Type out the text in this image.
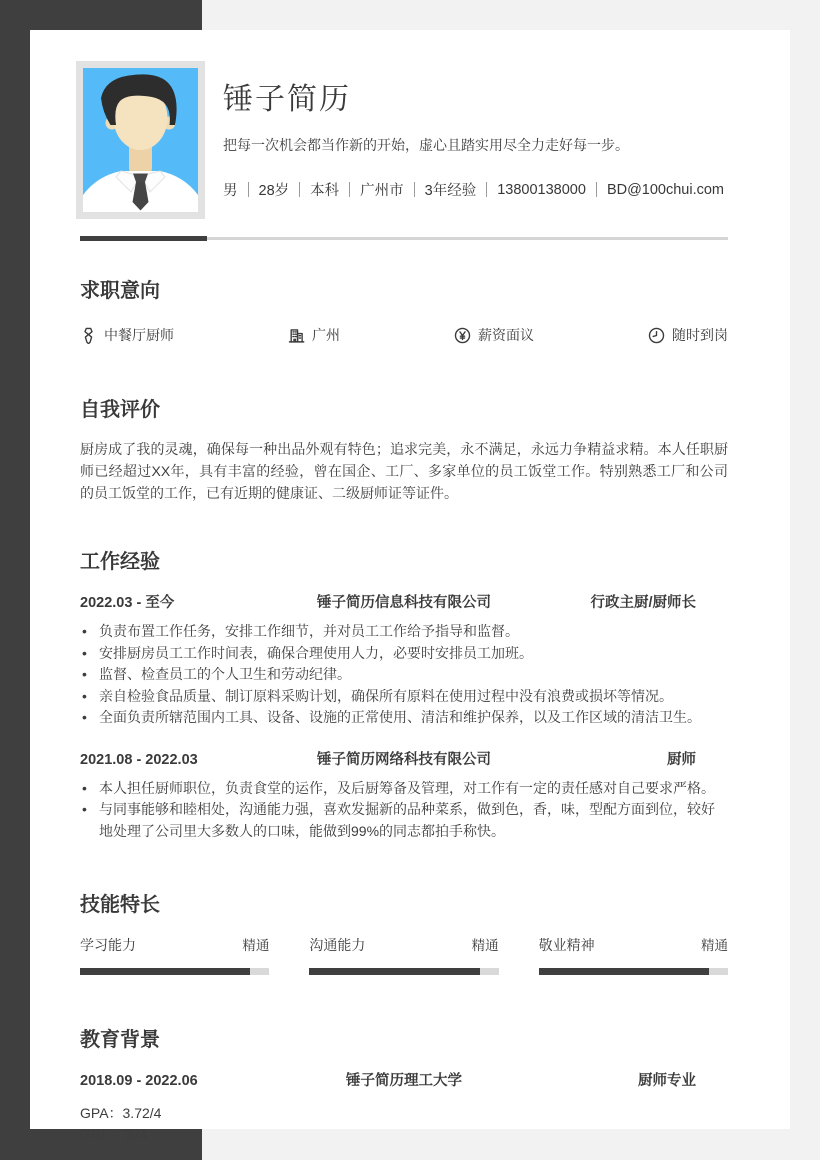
锤子简历

把每一次机会都当作新的开始，虚心且踏实用尽全力走好每一步。

男 28岁 本科 广州市 3年经验 13800138000 BD@100chui.com
求职意向
中餐厅厨师	广州	薪资面议	随时到岗
自我评价

厨房成了我的灵魂，确保每一种出品外观有特色；追求完美，永不满足，永远力争精益求精。本人任职厨师已经超过XX年，具有丰富的经验，曾在国企、工厂、多家单位的员工饭堂工作。特别熟悉工厂和公司的员工饭堂的工作，已有近期的健康证、二级厨师证等证件。

工作经验
2022.03 - 至今	锤子简历信息科技有限公司	行政主厨/厨师长
• 负责布置工作任务，安排工作细节，并对员工工作给予指导和监督。
• 安排厨房员工工作时间表，确保合理使用人力，必要时安排员工加班。
• 监督、检查员工的个人卫生和劳动纪律。
• 亲自检验食品质量、制订原料采购计划，确保所有原料在使用过程中没有浪费或损坏等情况。
• 全面负责所辖范围内工具、设备、设施的正常使用、清洁和维护保养，以及工作区域的清洁卫生。
2021.08 - 2022.03	锤子简历网络科技有限公司	厨师
• 本人担任厨师职位，负责食堂的运作，及后厨筹备及管理，对工作有一定的责任感对自己要求严格。
• 与同事能够和睦相处，沟通能力强，喜欢发掘新的品种菜系，做到色，香，味，型配方面到位，较好地处理了公司里大多数人的口味，能做到99%的同志都拍手称快。
技能特长
学习能力	精通	沟通能力	精通	敬业精神	精通
教育背景
2018.09 - 2022.06	锤子简历理工大学	厨师专业

GPA：3.72/4

GRE：324
